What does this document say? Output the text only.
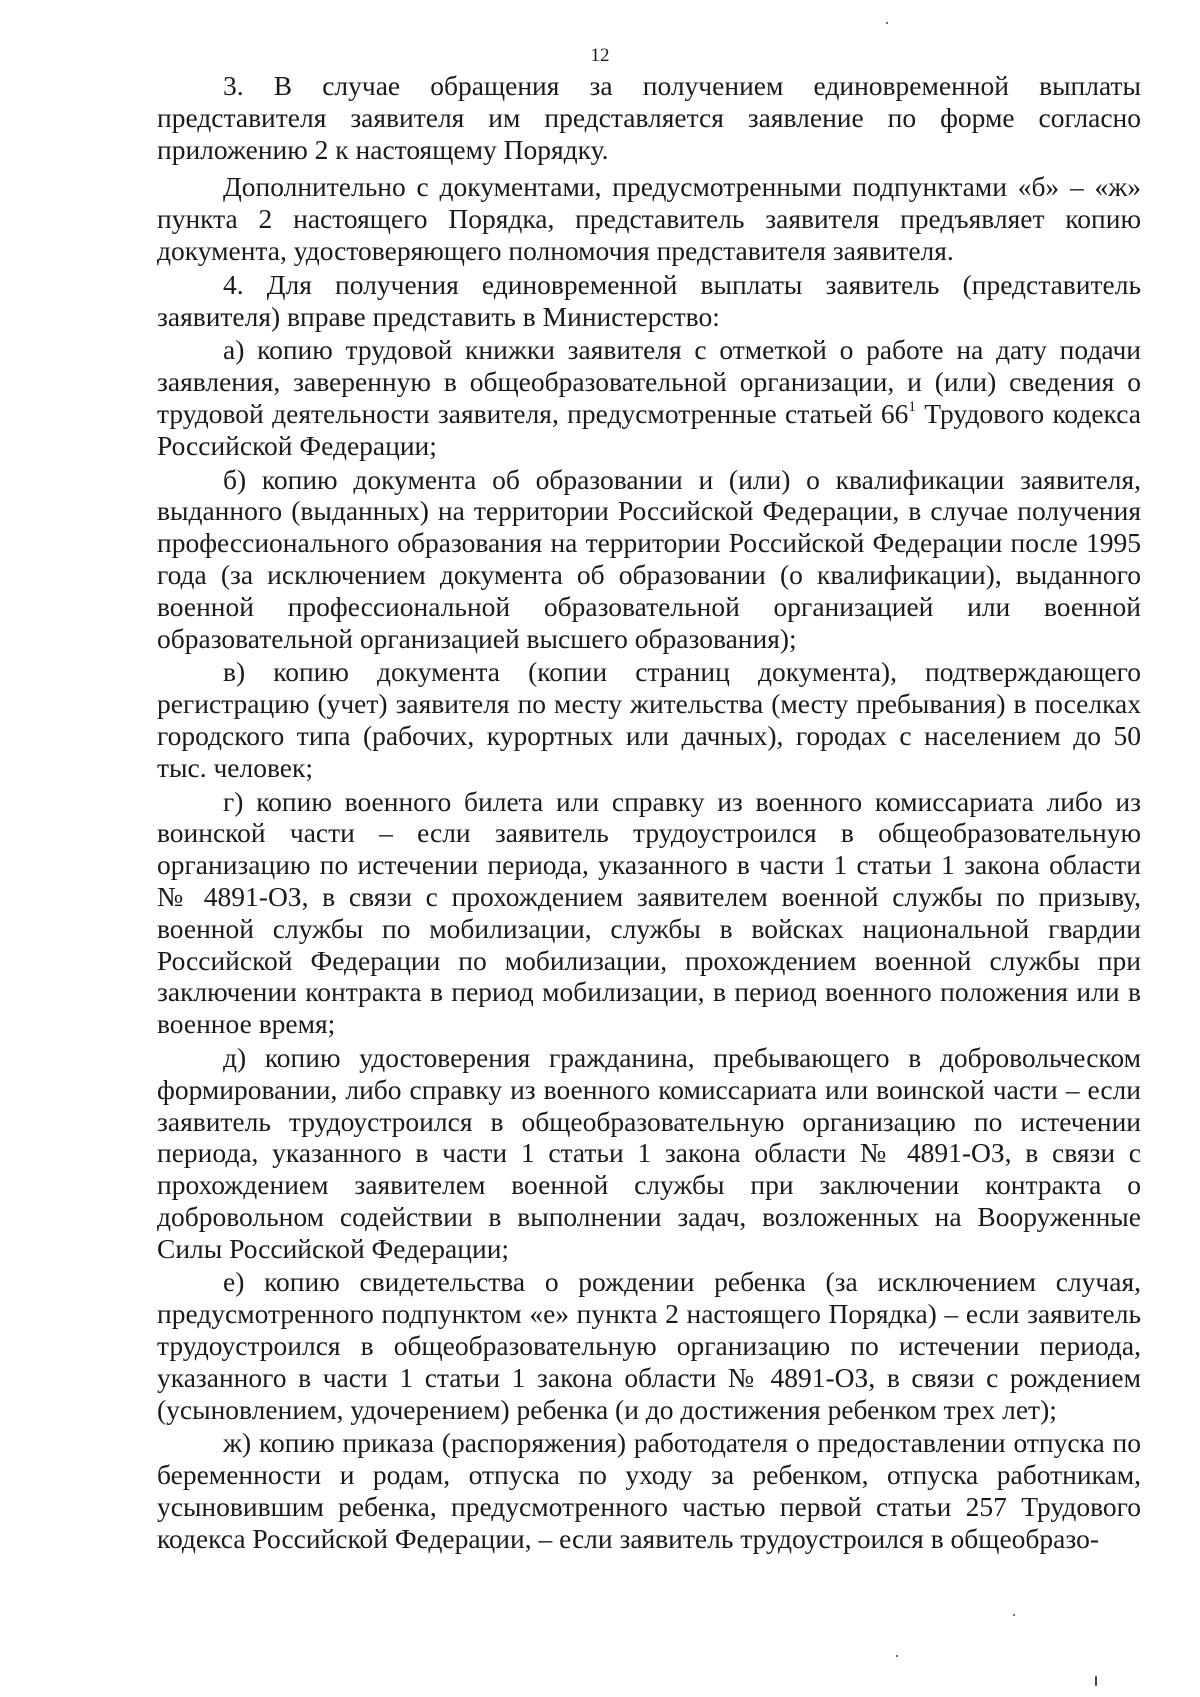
12

3. В случае обращения за получением единовременной выплаты представителя заявителя им представляется заявление по форме согласно приложению 2 к настоящему Порядку.

Дополнительно с документами, предусмотренными подпунктами «б» – «ж» пункта 2 настоящего Порядка, представитель заявителя предъявляет копию документа, удостоверяющего полномочия представителя заявителя.

4. Для получения единовременной выплаты заявитель (представитель заявителя) вправе представить в Министерство:

а) копию трудовой книжки заявителя с отметкой о работе на дату подачи заявления, заверенную в общеобразовательной организации, и (или) сведения о трудовой деятельности заявителя, предусмотренные статьей $66^1$ Трудового кодекса Российской Федерации;

б) копию документа об образовании и (или) о квалификации заявителя, выданного (выданных) на территории Российской Федерации, в случае получения профессионального образования на территории Российской Федерации после 1995 года (за исключением документа об образовании (о квалификации), выданного военной профессиональной образовательной организацией или военной образовательной организацией высшего образования);

в) копию документа (копии страниц документа), подтверждающего регистрацию (учет) заявителя по месту жительства (месту пребывания) в поселках городского типа (рабочих, курортных или дачных), городах с населением до 50 тыс. человек;

г) копию военного билета или справку из военного комиссариата либо из воинской части – если заявитель трудоустроился в общеобразовательную организацию по истечении периода, указанного в части 1 статьи 1 закона области № 4891-ОЗ, в связи с прохождением заявителем военной службы по призыву, военной службы по мобилизации, службы в войсках национальной гвардии Российской Федерации по мобилизации, прохождением военной службы при заключении контракта в период мобилизации, в период военного положения или в военное время;

д) копию удостоверения гражданина, пребывающего в добровольческом формировании, либо справку из военного комиссариата или воинской части – если заявитель трудоустроился в общеобразовательную организацию по истечении периода, указанного в части 1 статьи 1 закона области № 4891-ОЗ, в связи с прохождением заявителем военной службы при заключении контракта о добровольном содействии в выполнении задач, возложенных на Вооруженные Силы Российской Федерации;

е) копию свидетельства о рождении ребенка (за исключением случая, предусмотренного подпунктом «е» пункта 2 настоящего Порядка) – если заявитель трудоустроился в общеобразовательную организацию по истечении периода, указанного в части 1 статьи 1 закона области № 4891-ОЗ, в связи с рождением (усыновлением, удочерением) ребенка (и до достижения ребенком трех лет);

ж) копию приказа (распоряжения) работодателя о предоставлении отпуска по беременности и родам, отпуска по уходу за ребенком, отпуска работникам, усыновившим ребенка, предусмотренного частью первой статьи 257 Трудового кодекса Российской Федерации, – если заявитель трудоустроился в общеобразо-
